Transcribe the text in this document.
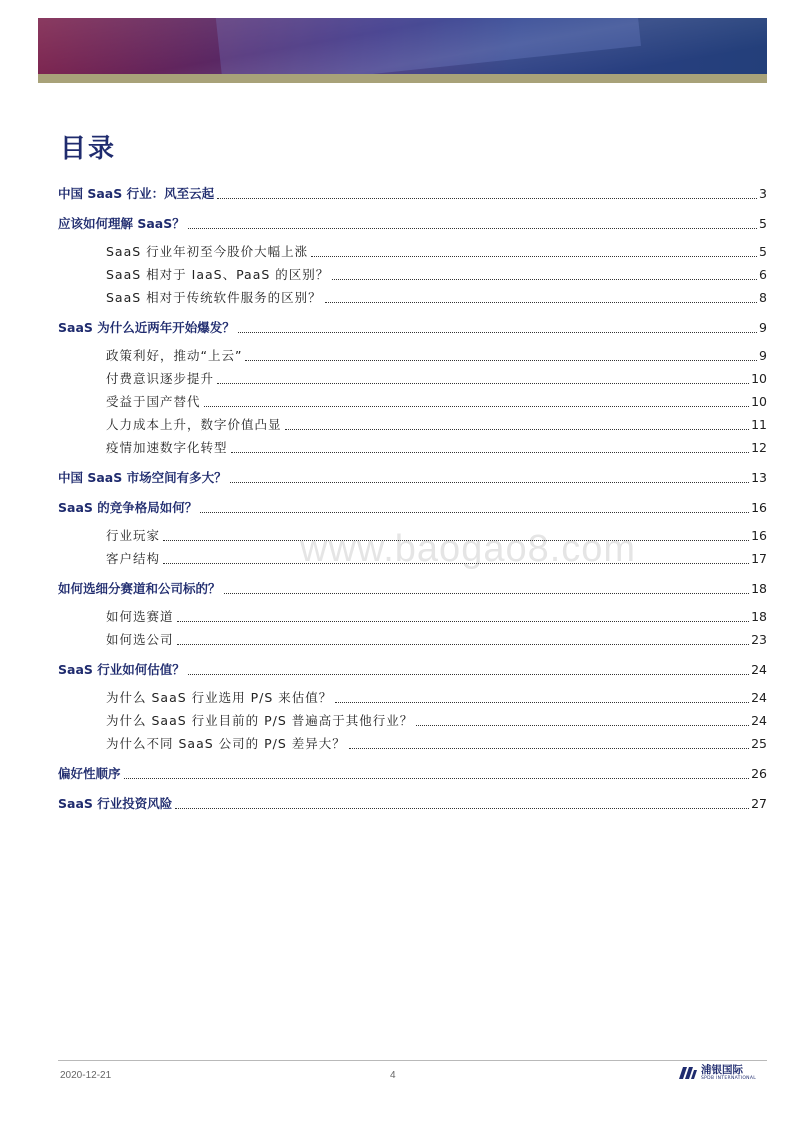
目录
www.baogao8.com
中国 SaaS 行业：风至云起	3
应该如何理解 SaaS？	5
SaaS 行业年初至今股价大幅上涨	5
SaaS 相对于 IaaS、PaaS 的区别？	6
SaaS 相对于传统软件服务的区别？	8
SaaS 为什么近两年开始爆发？	9
政策利好，推动“上云”	9
付费意识逐步提升	10
受益于国产替代	10
人力成本上升，数字价值凸显	11
疫情加速数字化转型	12
中国 SaaS 市场空间有多大？	13
SaaS 的竞争格局如何？	16
行业玩家	16
客户结构	17
如何选细分赛道和公司标的？	18
如何选赛道	18
如何选公司	23
SaaS 行业如何估值？	24
为什么 SaaS 行业选用 P/S 来估值？	24
为什么 SaaS 行业目前的 P/S 普遍高于其他行业？	24
为什么不同 SaaS 公司的 P/S 差异大？	25
偏好性顺序	26
SaaS 行业投资风险	27
2020-12-21	4	浦银国际
SPDB INTERNATIONAL
